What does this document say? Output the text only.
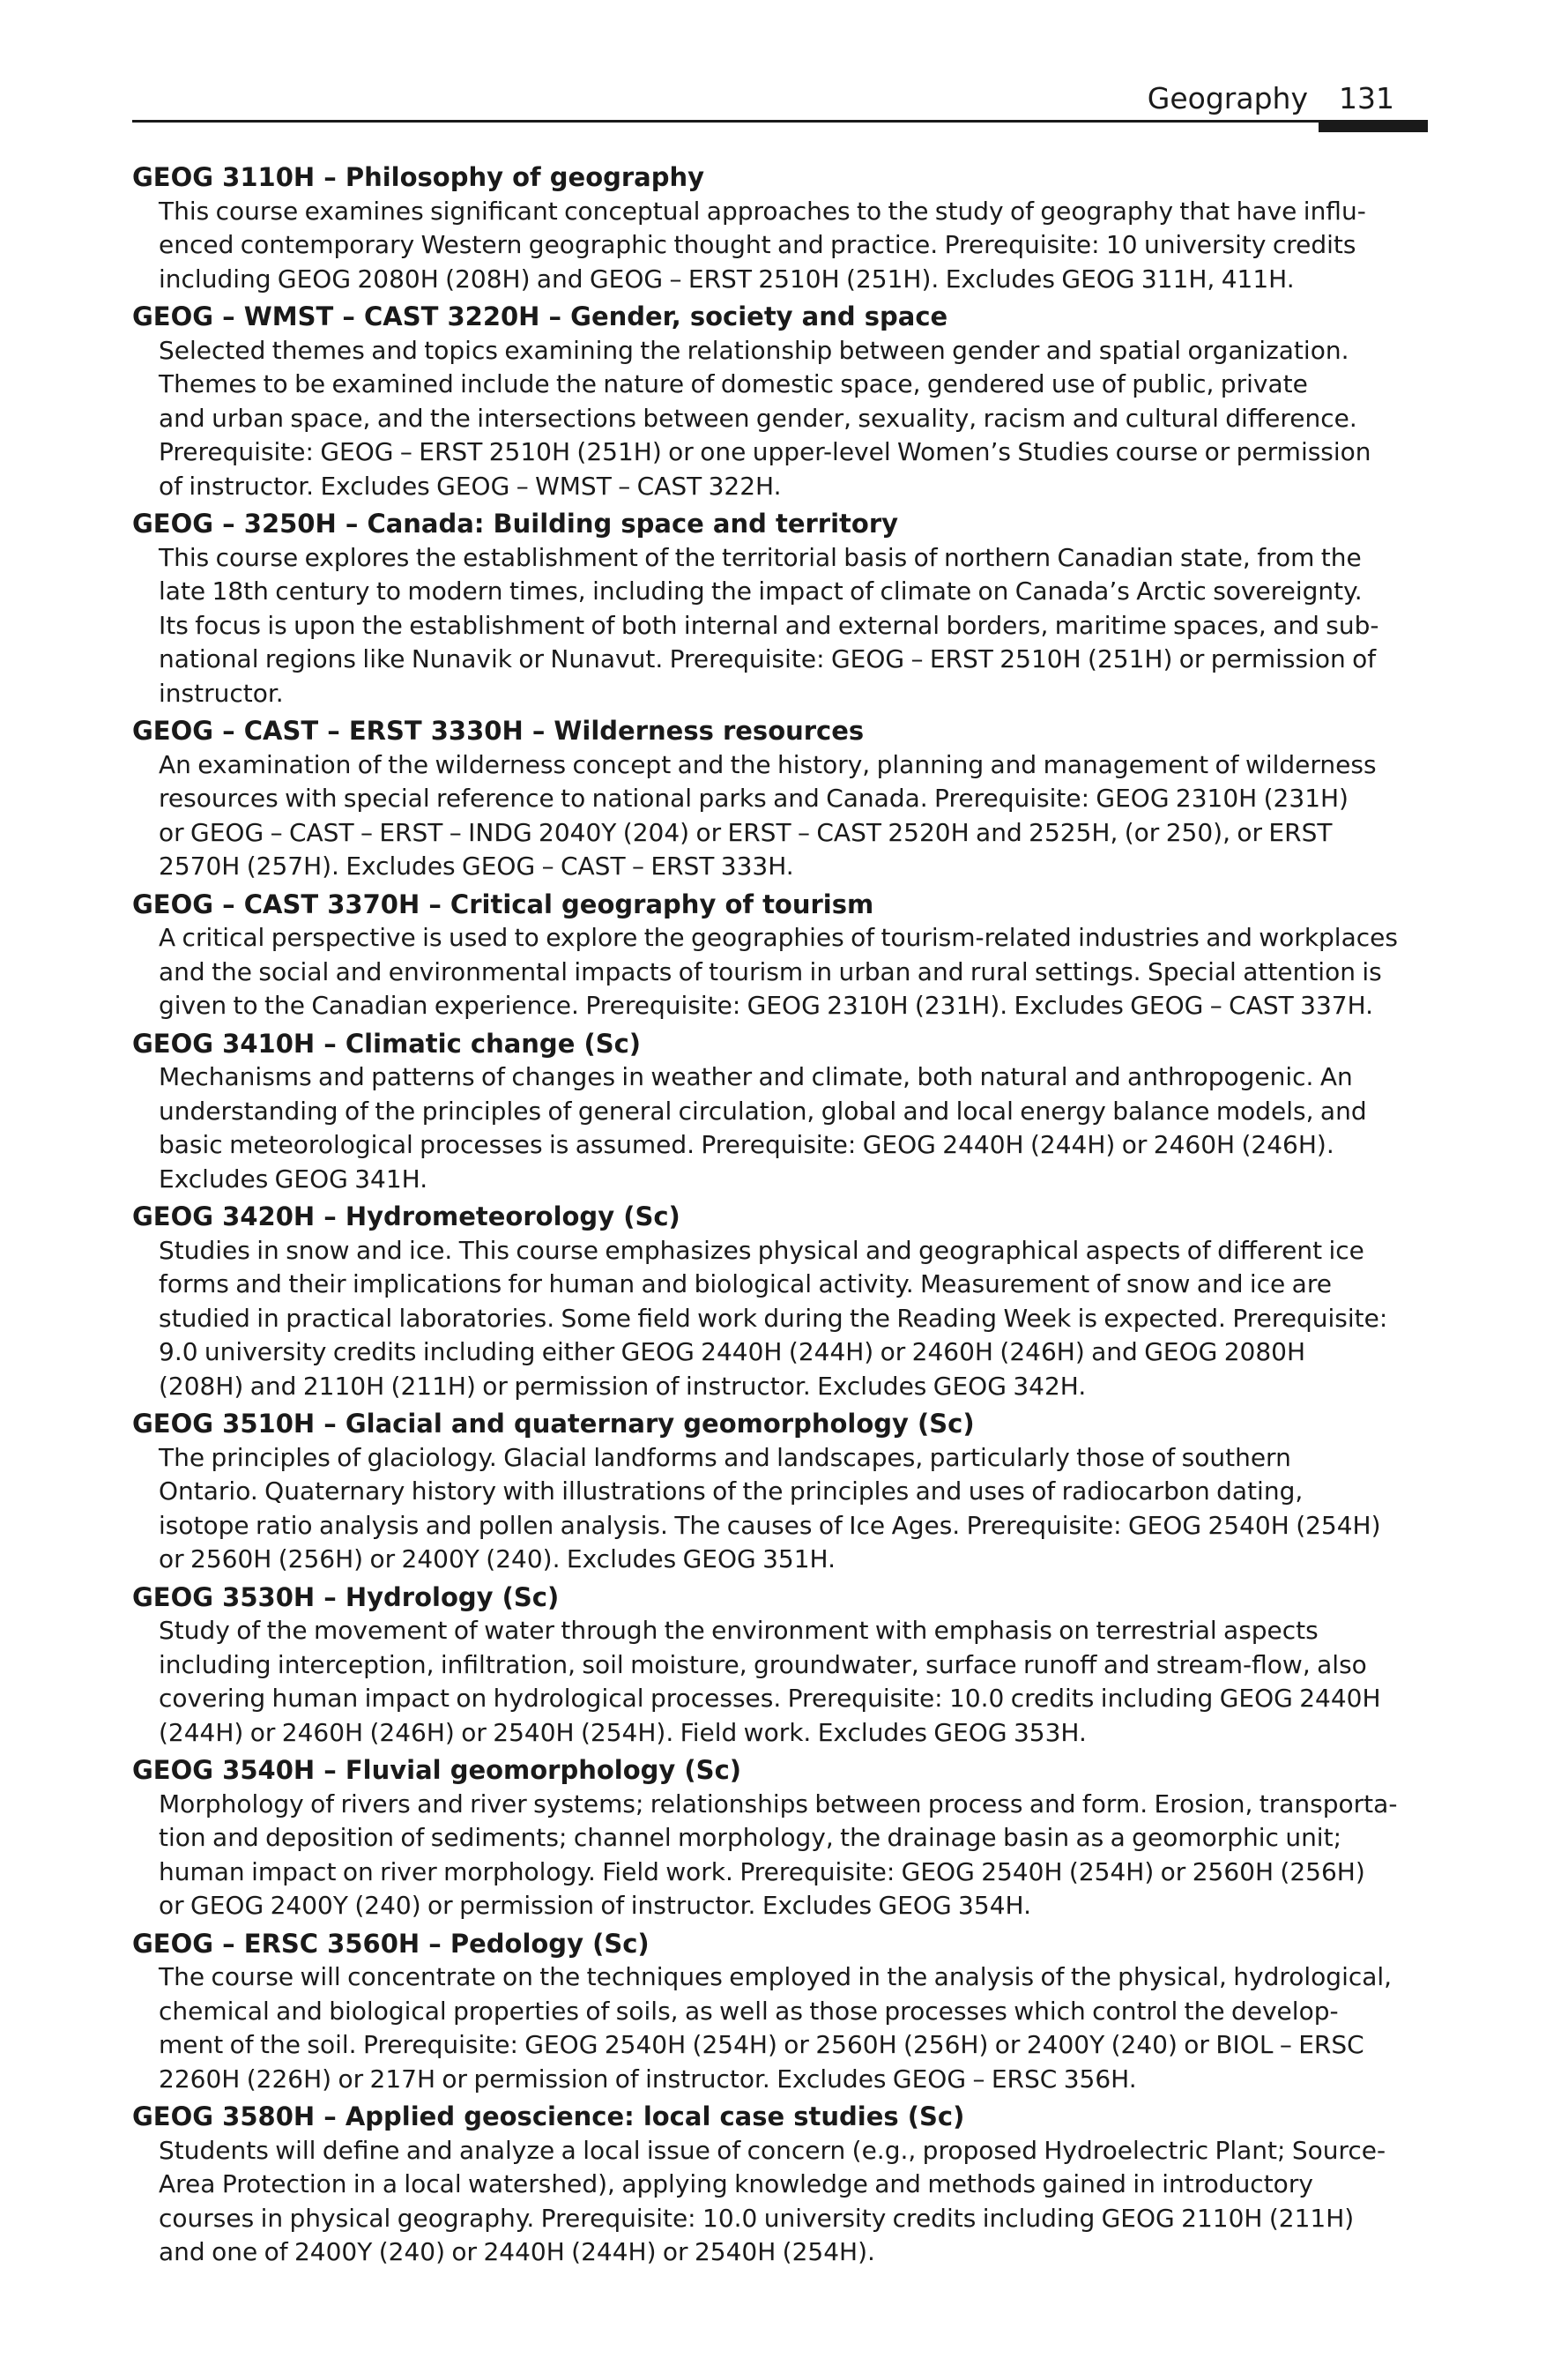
Geography 131
GEOG 3110H – Philosophy of geography
This course examines significant conceptual approaches to the study of geography that have influ-
enced contemporary Western geographic thought and practice. Prerequisite: 10 university credits
including GEOG 2080H (208H) and GEOG – ERST 2510H (251H). Excludes GEOG 311H, 411H.
GEOG – WMST – CAST 3220H – Gender, society and space
Selected themes and topics examining the relationship between gender and spatial organization.
Themes to be examined include the nature of domestic space, gendered use of public, private
and urban space, and the intersections between gender, sexuality, racism and cultural difference.
Prerequisite: GEOG – ERST 2510H (251H) or one upper-level Women’s Studies course or permission
of instructor. Excludes GEOG – WMST – CAST 322H.
GEOG – 3250H – Canada: Building space and territory
This course explores the establishment of the territorial basis of northern Canadian state, from the
late 18th century to modern times, including the impact of climate on Canada’s Arctic sovereignty.
Its focus is upon the establishment of both internal and external borders, maritime spaces, and sub-
national regions like Nunavik or Nunavut. Prerequisite: GEOG – ERST 2510H (251H) or permission of
instructor.
GEOG – CAST – ERST 3330H – Wilderness resources
An examination of the wilderness concept and the history, planning and management of wilderness
resources with special reference to national parks and Canada. Prerequisite: GEOG 2310H (231H)
or GEOG – CAST – ERST – INDG 2040Y (204) or ERST – CAST 2520H and 2525H, (or 250), or ERST
2570H (257H). Excludes GEOG – CAST – ERST 333H.
GEOG – CAST 3370H – Critical geography of tourism
A critical perspective is used to explore the geographies of tourism-related industries and workplaces
and the social and environmental impacts of tourism in urban and rural settings. Special attention is
given to the Canadian experience. Prerequisite: GEOG 2310H (231H). Excludes GEOG – CAST 337H.
GEOG 3410H – Climatic change (Sc)
Mechanisms and patterns of changes in weather and climate, both natural and anthropogenic. An
understanding of the principles of general circulation, global and local energy balance models, and
basic meteorological processes is assumed. Prerequisite: GEOG 2440H (244H) or 2460H (246H).
Excludes GEOG 341H.
GEOG 3420H – Hydrometeorology (Sc)
Studies in snow and ice. This course emphasizes physical and geographical aspects of different ice
forms and their implications for human and biological activity. Measurement of snow and ice are
studied in practical laboratories. Some field work during the Reading Week is expected. Prerequisite:
9.0 university credits including either GEOG 2440H (244H) or 2460H (246H) and GEOG 2080H
(208H) and 2110H (211H) or permission of instructor. Excludes GEOG 342H.
GEOG 3510H – Glacial and quaternary geomorphology (Sc)
The principles of glaciology. Glacial landforms and landscapes, particularly those of southern
Ontario. Quaternary history with illustrations of the principles and uses of radiocarbon dating,
isotope ratio analysis and pollen analysis. The causes of Ice Ages. Prerequisite: GEOG 2540H (254H)
or 2560H (256H) or 2400Y (240). Excludes GEOG 351H.
GEOG 3530H – Hydrology (Sc)
Study of the movement of water through the environment with emphasis on terrestrial aspects
including interception, infiltration, soil moisture, groundwater, surface runoff and stream-flow, also
covering human impact on hydrological processes. Prerequisite: 10.0 credits including GEOG 2440H
(244H) or 2460H (246H) or 2540H (254H). Field work. Excludes GEOG 353H.
GEOG 3540H – Fluvial geomorphology (Sc)
Morphology of rivers and river systems; relationships between process and form. Erosion, transporta-
tion and deposition of sediments; channel morphology, the drainage basin as a geomorphic unit;
human impact on river morphology. Field work. Prerequisite: GEOG 2540H (254H) or 2560H (256H)
or GEOG 2400Y (240) or permission of instructor. Excludes GEOG 354H.
GEOG – ERSC 3560H – Pedology (Sc)
The course will concentrate on the techniques employed in the analysis of the physical, hydrological,
chemical and biological properties of soils, as well as those processes which control the develop-
ment of the soil. Prerequisite: GEOG 2540H (254H) or 2560H (256H) or 2400Y (240) or BIOL – ERSC
2260H (226H) or 217H or permission of instructor. Excludes GEOG – ERSC 356H.
GEOG 3580H – Applied geoscience: local case studies (Sc)
Students will define and analyze a local issue of concern (e.g., proposed Hydroelectric Plant; Source-
Area Protection in a local watershed), applying knowledge and methods gained in introductory
courses in physical geography. Prerequisite: 10.0 university credits including GEOG 2110H (211H)
and one of 2400Y (240) or 2440H (244H) or 2540H (254H).
